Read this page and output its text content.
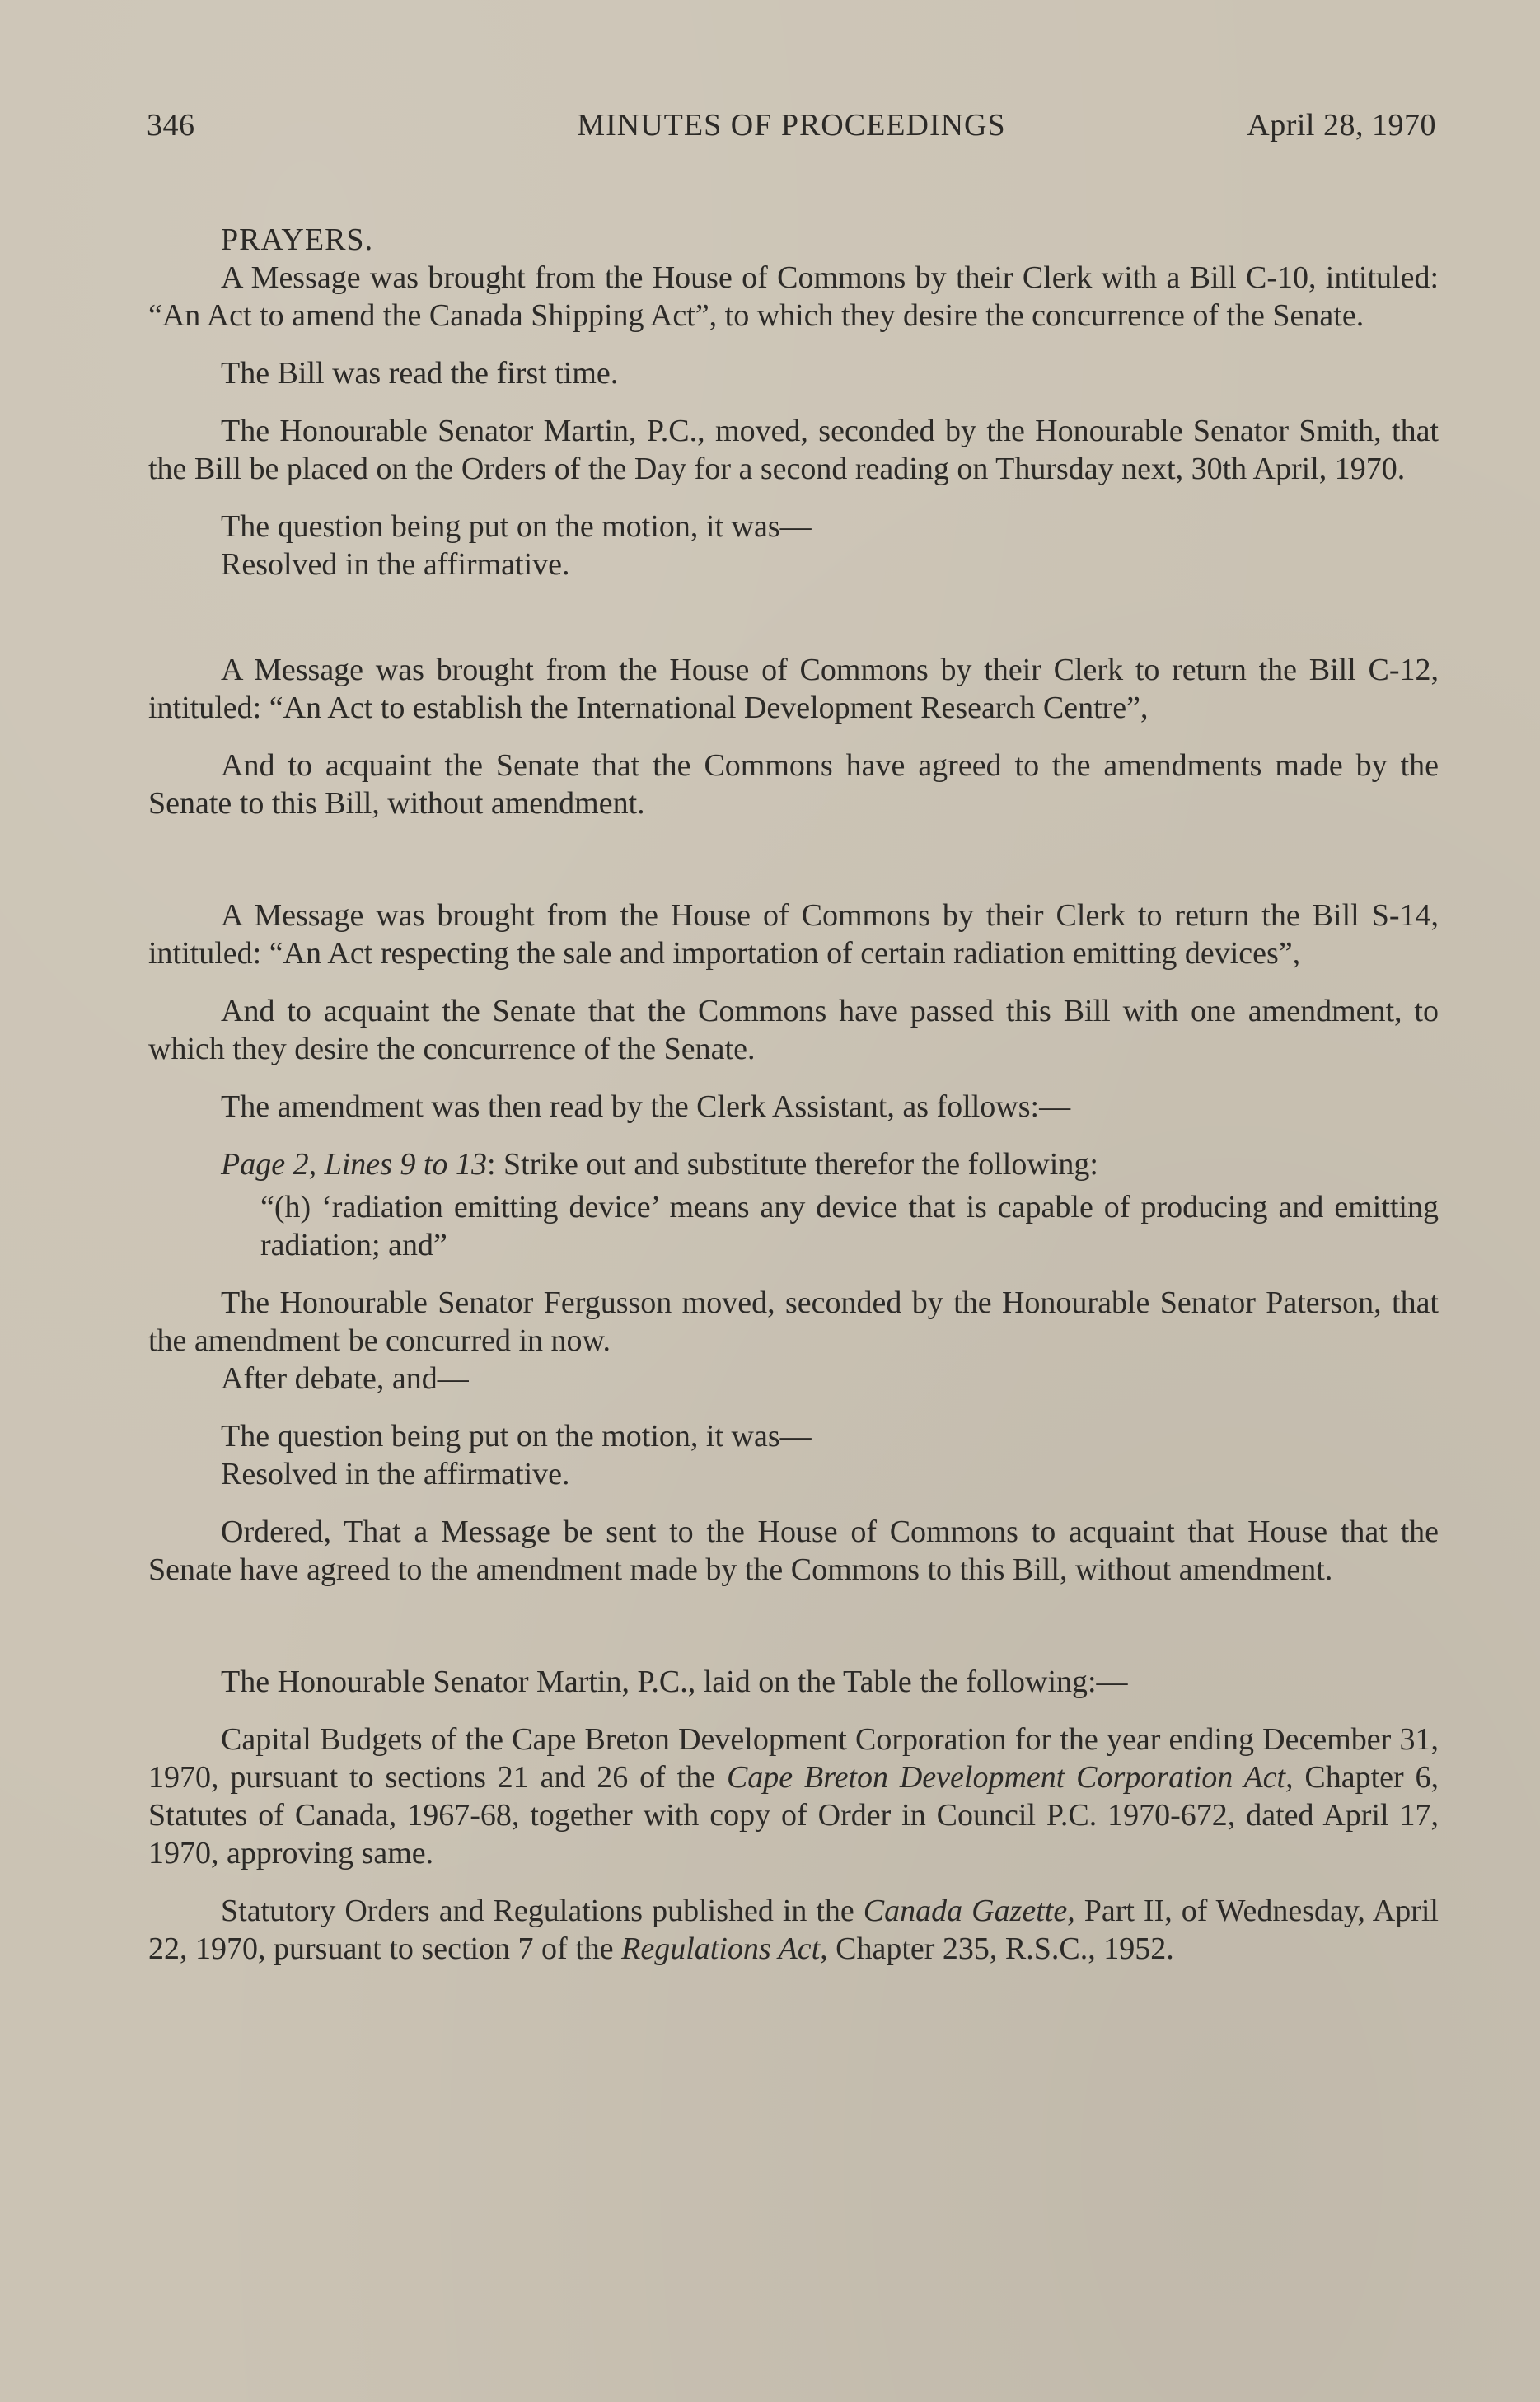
346	MINUTES OF PROCEEDINGS	April 28, 1970

PRAYERS.

A Message was brought from the House of Commons by their Clerk with a Bill C-10, intituled: “An Act to amend the Canada Shipping Act”, to which they desire the concurrence of the Senate.

The Bill was read the first time.

The Honourable Senator Martin, P.C., moved, seconded by the Honourable Senator Smith, that the Bill be placed on the Orders of the Day for a second reading on Thursday next, 30th April, 1970.

The question being put on the motion, it was—

Resolved in the affirmative.

A Message was brought from the House of Commons by their Clerk to return the Bill C-12, intituled: “An Act to establish the International Development Research Centre”,

And to acquaint the Senate that the Commons have agreed to the amendments made by the Senate to this Bill, without amendment.

A Message was brought from the House of Commons by their Clerk to return the Bill S-14, intituled: “An Act respecting the sale and importation of certain radiation emitting devices”,

And to acquaint the Senate that the Commons have passed this Bill with one amendment, to which they desire the concurrence of the Senate.

The amendment was then read by the Clerk Assistant, as follows:—

Page 2, Lines 9 to 13: Strike out and substitute therefor the following:

“(h) ‘radiation emitting device’ means any device that is capable of producing and emitting radiation; and”

The Honourable Senator Fergusson moved, seconded by the Honourable Senator Paterson, that the amendment be concurred in now.

After debate, and—

The question being put on the motion, it was—

Resolved in the affirmative.

Ordered, That a Message be sent to the House of Commons to acquaint that House that the Senate have agreed to the amendment made by the Commons to this Bill, without amendment.

The Honourable Senator Martin, P.C., laid on the Table the following:—

Capital Budgets of the Cape Breton Development Corporation for the year ending December 31, 1970, pursuant to sections 21 and 26 of the Cape Breton Development Corporation Act, Chapter 6, Statutes of Canada, 1967-68, together with copy of Order in Council P.C. 1970-672, dated April 17, 1970, approving same.

Statutory Orders and Regulations published in the Canada Gazette, Part II, of Wednesday, April 22, 1970, pursuant to section 7 of the Regulations Act, Chapter 235, R.S.C., 1952.
